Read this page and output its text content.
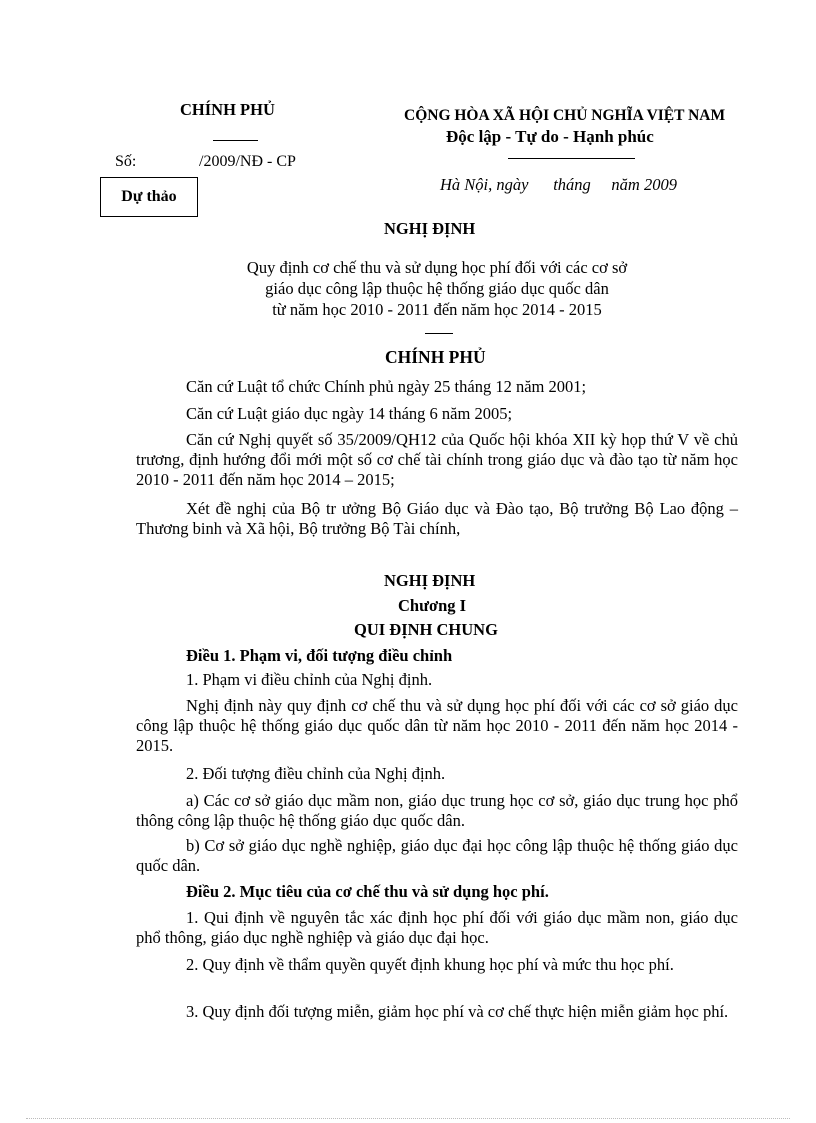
CHÍNH PHỦ
Số:	/2009/NĐ - CP
Dự thảo
CỘNG HÒA XÃ HỘI CHỦ NGHĨA VIỆT NAM
Độc lập - Tự do - Hạnh phúc
Hà Nội, ngày      tháng     năm 2009
NGHỊ ĐỊNH
Quy định cơ chế thu và sử dụng học phí đối với các cơ sở
giáo dục công lập thuộc hệ thống giáo dục quốc dân
từ năm học 2010 - 2011 đến năm học 2014 - 2015
CHÍNH PHỦ
Căn cứ Luật tổ chức Chính phủ ngày 25 tháng 12 năm 2001;
Căn cứ Luật giáo dục ngày 14 tháng 6 năm 2005;
Căn cứ Nghị quyết số 35/2009/QH12 của Quốc hội khóa XII kỳ họp thứ V về chủ trương, định hướng đổi mới một số cơ chế tài chính trong giáo dục và đào tạo từ năm học 2010 - 2011 đến năm học 2014 – 2015;
Xét đề nghị của Bộ tr ưởng Bộ Giáo dục và Đào tạo, Bộ trưởng Bộ Lao động – Thương binh và Xã hội, Bộ trưởng Bộ Tài chính,
NGHỊ ĐỊNH
Chương I
QUI ĐỊNH CHUNG
Điều 1. Phạm vi, đối tượng điều chỉnh
1. Phạm vi điều chỉnh của Nghị định.
Nghị định này quy định cơ chế thu và sử dụng học phí đối với các cơ sở giáo dục công lập thuộc hệ thống giáo dục quốc dân từ năm học 2010 - 2011 đến năm học 2014 - 2015.
2. Đối tượng điều chỉnh của Nghị định.
a) Các cơ sở giáo dục mầm non, giáo dục trung học cơ sở, giáo dục trung học phổ thông công lập thuộc hệ thống giáo dục quốc dân.
b) Cơ sở giáo dục nghề nghiệp, giáo dục đại học công lập thuộc hệ thống giáo dục quốc dân.
Điều 2. Mục tiêu của cơ chế thu và sử dụng học phí.
1. Qui định về nguyên tắc xác định học phí đối với giáo dục mầm non, giáo dục phổ thông, giáo dục nghề nghiệp và giáo dục đại học.
2. Quy định về thẩm quyền quyết định khung học phí và mức thu học phí.
3. Quy định đối tượng miễn, giảm học phí và cơ chế thực hiện miễn giảm học phí.
